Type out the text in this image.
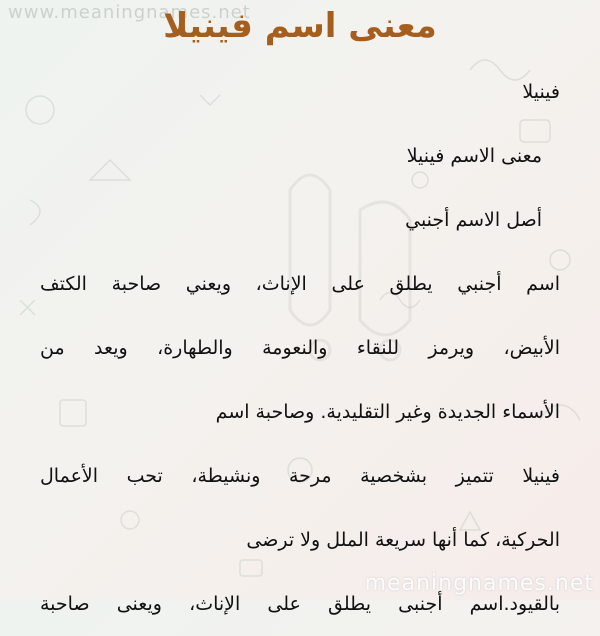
www.meaningnames.net
معنى اسم فينيلا
فينيلا
معنى الاسم فينيلا
أصل الاسم أجنبي
اسم أجنبي يطلق على الإناث، ويعني صاحبة الكتف
الأبيض، ويرمز للنقاء والنعومة والطهارة، ويعد من
الأسماء الجديدة وغير التقليدية. وصاحبة اسم
فينيلا تتميز بشخصية مرحة ونشيطة، تحب الأعمال
الحركية، كما أنها سريعة الملل ولا ترضى
بالقيود.اسم أجنبى يطلق على الإناث، ويعنى صاحبة
meaningnames.net
